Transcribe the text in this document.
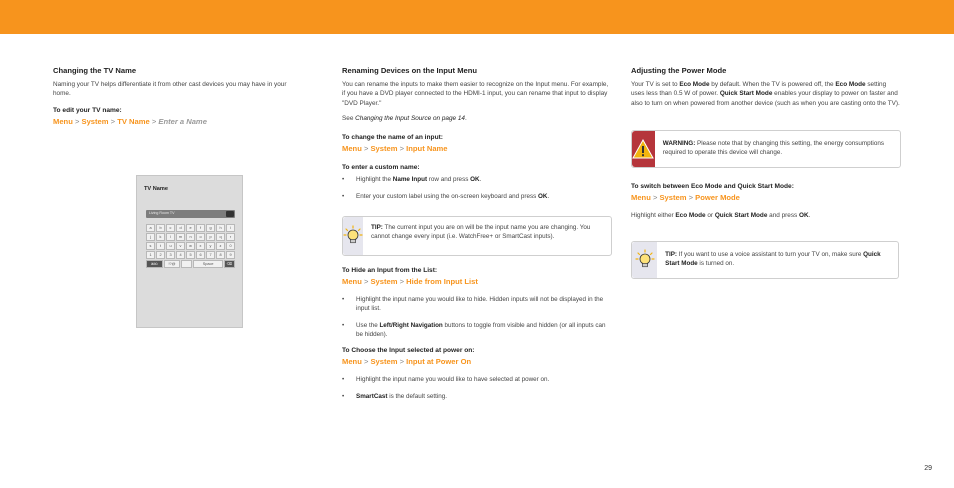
Changing the TV Name

Naming your TV helps differentiate it from other cast devices you may have in your home.

To edit your TV name:
Menu > System > TV Name > Enter a Name
TV Name
Living Room TV
a	b	c	d	e	f	g	h	i
j	k	l	m	n	o	p	q	r
s	t	u	v	w	x	y	z	0
1	2	3	4	5	6	7	8	9
äöü	!?@	Space	⌫
Renaming Devices on the Input Menu

You can rename the inputs to make them easier to recognize on the Input menu. For example, if you have a DVD player connected to the HDMI-1 input, you can rename that input to display "DVD Player."

See Changing the Input Source on page 14.

To change the name of an input:
Menu > System > Input Name
To enter a custom name:
• Highlight the Name Input row and press OK.
• Enter your custom label using the on-screen keyboard and press OK.
TIP: The current input you are on will be the input name you are changing. You cannot change every input (i.e. WatchFree+ or SmartCast inputs).
To Hide an Input from the List:
Menu > System > Hide from Input List
• Highlight the input name you would like to hide. Hidden inputs will not be displayed in the input list.
• Use the Left/Right Navigation buttons to toggle from visible and hidden (or all inputs can be hidden).
To Choose the Input selected at power on:
Menu > System > Input at Power On
• Highlight the input name you would like to have selected at power on.
• SmartCast is the default setting.
Adjusting the Power Mode

Your TV is set to Eco Mode by default. When the TV is powered off, the Eco Mode setting uses less than 0.5 W of power. Quick Start Mode enables your display to power on faster and also to turn on when powered from another device (such as when you are casting onto the TV).

WARNING: Please note that by changing this setting, the energy consumptions required to operate this device will change.
To switch between Eco Mode and Quick Start Mode:
Menu > System > Power Mode

Highlight either Eco Mode or Quick Start Mode and press OK.

TIP: If you want to use a voice assistant to turn your TV on, make sure Quick Start Mode is turned on.
29
